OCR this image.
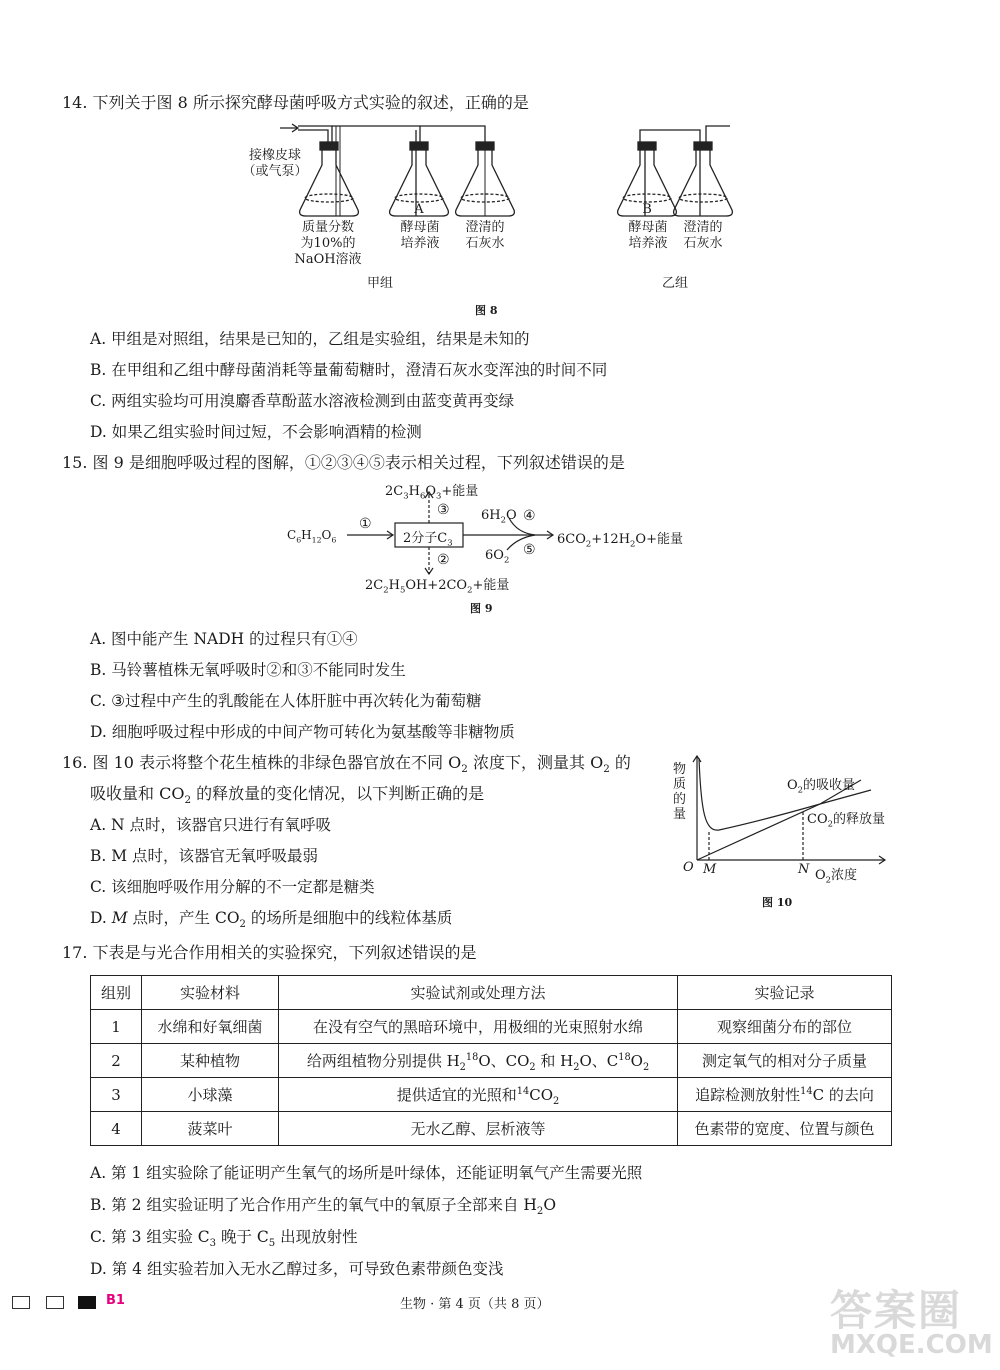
14. 下列关于图 8 所示探究酵母菌呼吸方式实验的叙述，正确的是
接橡皮球
（或气泵）
A	B
质量分数
为10%的
NaOH溶液
酵母菌
培养液
澄清的
石灰水
酵母菌
培养液
澄清的
石灰水
甲组	乙组
图 8
A. 甲组是对照组，结果是已知的，乙组是实验组，结果是未知的
B. 在甲组和乙组中酵母菌消耗等量葡萄糖时，澄清石灰水变浑浊的时间不同
C. 两组实验均可用溴麝香草酚蓝水溶液检测到由蓝变黄再变绿
D. 如果乙组实验时间过短，不会影响酒精的检测
15. 图 9 是细胞呼吸过程的图解，①②③④⑤表示相关过程，下列叙述错误的是
$C_6H_{12}O_6$
①
2分子$C_3$
③
②
$2C_3H_6O_3+$能量
$2C_2H_5OH+2CO_2+$能量
$6H_2O$ ④
$6O_2$
⑤
$6CO_2+12H_2O+$能量
图 9
A. 图中能产生 NADH 的过程只有①④
B. 马铃薯植株无氧呼吸时②和③不能同时发生
C. ③过程中产生的乳酸能在人体肝脏中再次转化为葡萄糖
D. 细胞呼吸过程中形成的中间产物可转化为氨基酸等非糖物质
16. 图 10 表示将整个花生植株的非绿色器官放在不同 $O_2$ 浓度下，测量其 $O_2$ 的
吸收量和 $CO_2$ 的释放量的变化情况，以下判断正确的是
A. N 点时，该器官只进行有氧呼吸
B. M 点时，该器官无氧呼吸最弱
C. 该细胞呼吸作用分解的不一定都是糖类
D. M 点时，产生 $CO_2$ 的场所是细胞中的线粒体基质
物质的量
$O_2$的吸收量
$CO_2$的释放量
O M	N $O_2$浓度
图 10
17. 下表是与光合作用相关的实验探究，下列叙述错误的是
组别	实验材料	实验试剂或处理方法	实验记录
1	水绵和好氧细菌	在没有空气的黑暗环境中，用极细的光束照射水绵	观察细菌分布的部位
2	某种植物	给两组植物分别提供 $H_2^{18}O$、$CO_2$ 和 $H_2O$、$C^{18}O_2$	测定氧气的相对分子质量
3	小球藻	提供适宜的光照和$^{14}CO_2$	追踪检测放射性$^{14}$C 的去向
4	菠菜叶	无水乙醇、层析液等	色素带的宽度、位置与颜色
A. 第 1 组实验除了能证明产生氧气的场所是叶绿体，还能证明氧气产生需要光照
B. 第 2 组实验证明了光合作用产生的氧气中的氧原子全部来自 $H_2O$
C. 第 3 组实验 $C_3$ 晚于 $C_5$ 出现放射性
D. 第 4 组实验若加入无水乙醇过多，可导致色素带颜色变浅
B1	生物 · 第 4 页（共 8 页）	答案圈
MXQE.COM
